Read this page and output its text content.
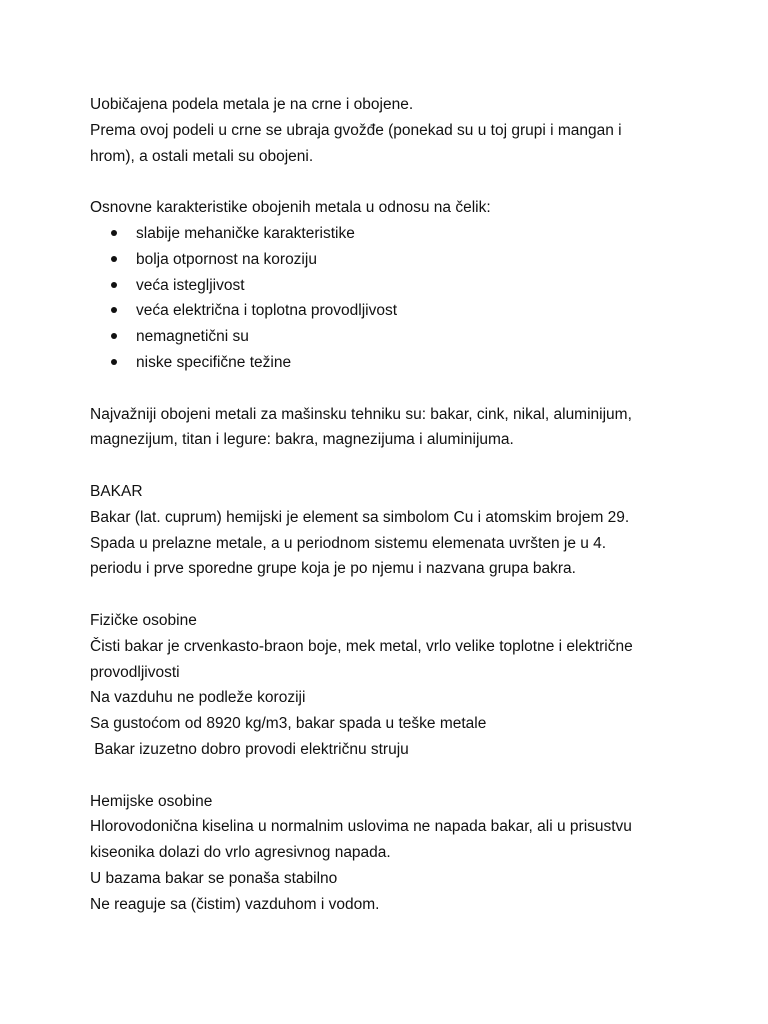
Uobičajena podela metala je na crne i obojene.
Prema ovoj podeli u crne se ubraja gvožđe (ponekad su u toj grupi i mangan i
hrom), a ostali metali su obojeni.
Osnovne karakteristike obojenih metala u odnosu na čelik:
slabije mehaničke karakteristike
bolja otpornost na koroziju
veća istegljivost
veća električna i toplotna provodljivost
nemagnetični su
niske specifične težine
Najvažniji obojeni metali za mašinsku tehniku su: bakar, cink, nikal, aluminijum,
magnezijum, titan i legure: bakra, magnezijuma i aluminijuma.
BAKAR
Bakar (lat. cuprum) hemijski je element sa simbolom Cu i atomskim brojem 29.
Spada u prelazne metale, a u periodnom sistemu elemenata uvršten je u 4.
periodu i prve sporedne grupe koja je po njemu i nazvana grupa bakra.
Fizičke osobine
Čisti bakar je crvenkasto-braon boje, mek metal, vrlo velike toplotne i električne
provodljivosti
Na vazduhu ne podleže koroziji
Sa gustoćom od 8920 kg/m3, bakar spada u teške metale
Bakar izuzetno dobro provodi električnu struju
Hemijske osobine
Hlorovodonična kiselina u normalnim uslovima ne napada bakar, ali u prisustvu
kiseonika dolazi do vrlo agresivnog napada.
U bazama bakar se ponaša stabilno
Ne reaguje sa (čistim) vazduhom i vodom.
